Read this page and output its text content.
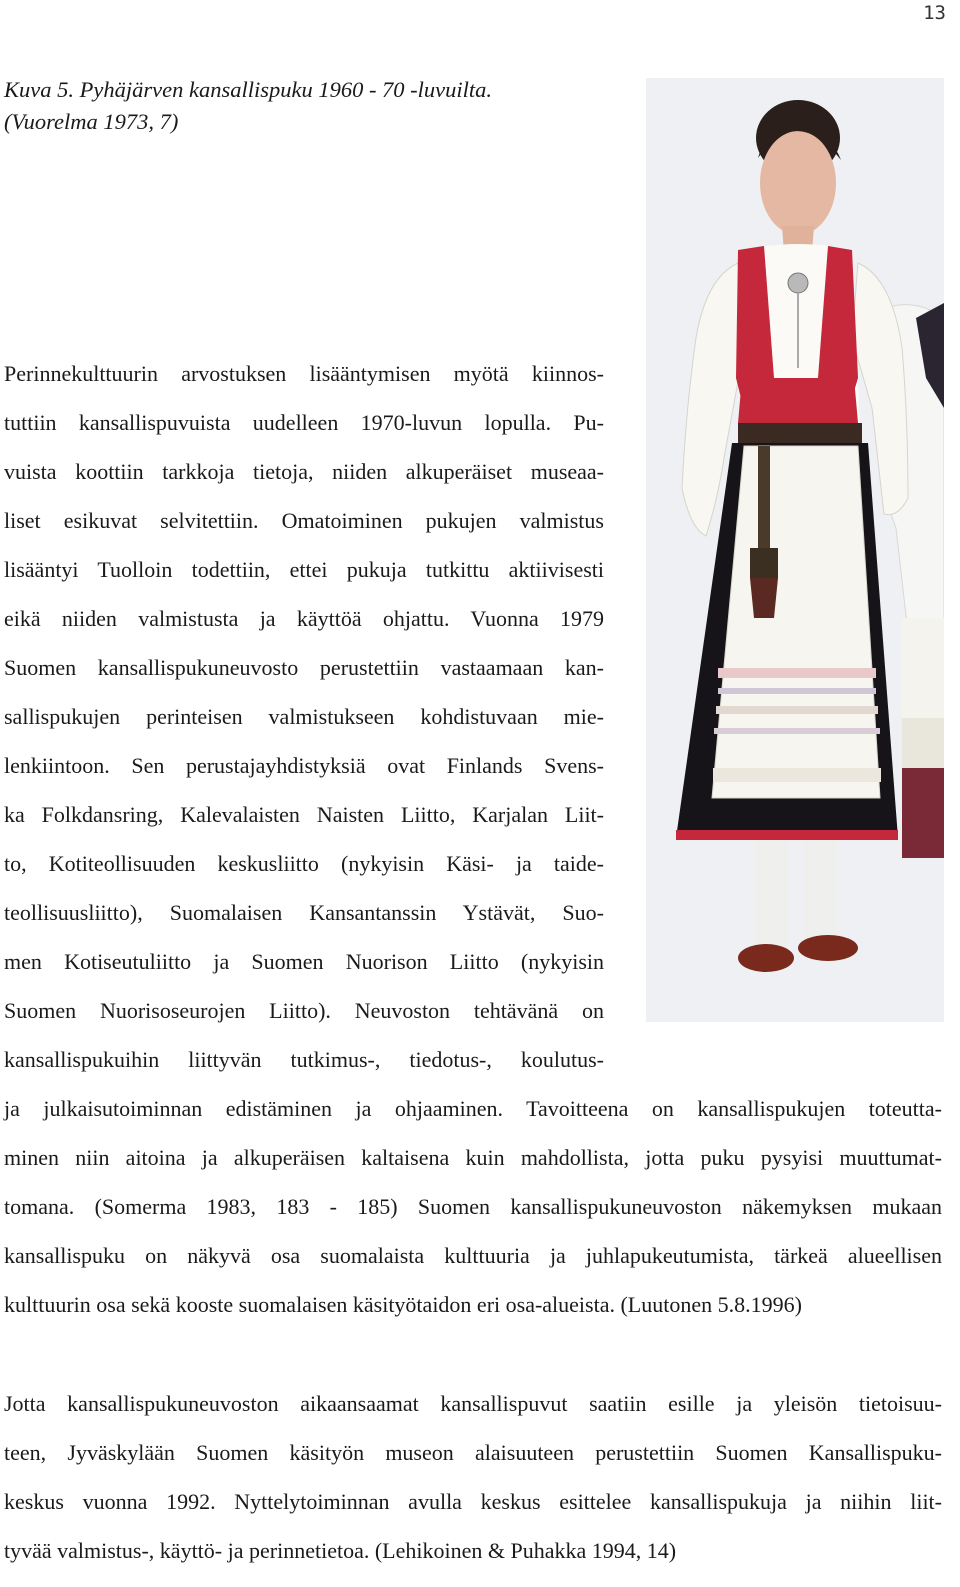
13
Kuva 5. Pyhäjärven kansallispuku 1960 - 70 -luvuilta.
(Vuorelma 1973, 7)
Perinnekulttuurin arvostuksen lisääntymisen myötä kiinnos-
tuttiin kansallispuvuista uudelleen 1970-luvun lopulla. Pu-
vuista koottiin tarkkoja tietoja, niiden alkuperäiset museaa-
liset esikuvat selvitettiin. Omatoiminen pukujen valmistus
lisääntyi Tuolloin todettiin, ettei pukuja tutkittu aktiivisesti
eikä niiden valmistusta ja käyttöä ohjattu. Vuonna 1979
Suomen kansallispukuneuvosto perustettiin vastaamaan kan-
sallispukujen perinteisen valmistukseen kohdistuvaan mie-
lenkiintoon. Sen perustajayhdistyksiä ovat Finlands Svens-
ka Folkdansring, Kalevalaisten Naisten Liitto, Karjalan Liit-
to, Kotiteollisuuden keskusliitto (nykyisin Käsi- ja taide-
teollisuusliitto), Suomalaisen Kansantanssin Ystävät, Suo-
men Kotiseutuliitto ja Suomen Nuorison Liitto (nykyisin
Suomen Nuorisoseurojen Liitto). Neuvoston tehtävänä on
kansallispukuihin liittyvän tutkimus-, tiedotus-, koulutus-
ja julkaisutoiminnan edistäminen ja ohjaaminen. Tavoitteena on kansallispukujen toteutta-
minen niin aitoina ja alkuperäisen kaltaisena kuin mahdollista, jotta puku pysyisi muuttumat-
tomana. (Somerma 1983, 183 - 185) Suomen kansallispukuneuvoston näkemyksen mukaan
kansallispuku on näkyvä osa suomalaista kulttuuria ja juhlapukeutumista, tärkeä alueellisen
kulttuurin osa sekä kooste suomalaisen käsityötaidon eri osa-alueista. (Luutonen 5.8.1996)
Jotta kansallispukuneuvoston aikaansaamat kansallispuvut saatiin esille ja yleisön tietoisuu-
teen, Jyväskylään Suomen käsityön museon alaisuuteen perustettiin Suomen Kansallispuku-
keskus vuonna 1992. Nyttelytoiminnan avulla keskus esittelee kansallispukuja ja niihin liit-
tyvää valmistus-, käyttö- ja perinnetietoa. (Lehikoinen & Puhakka 1994, 14)
